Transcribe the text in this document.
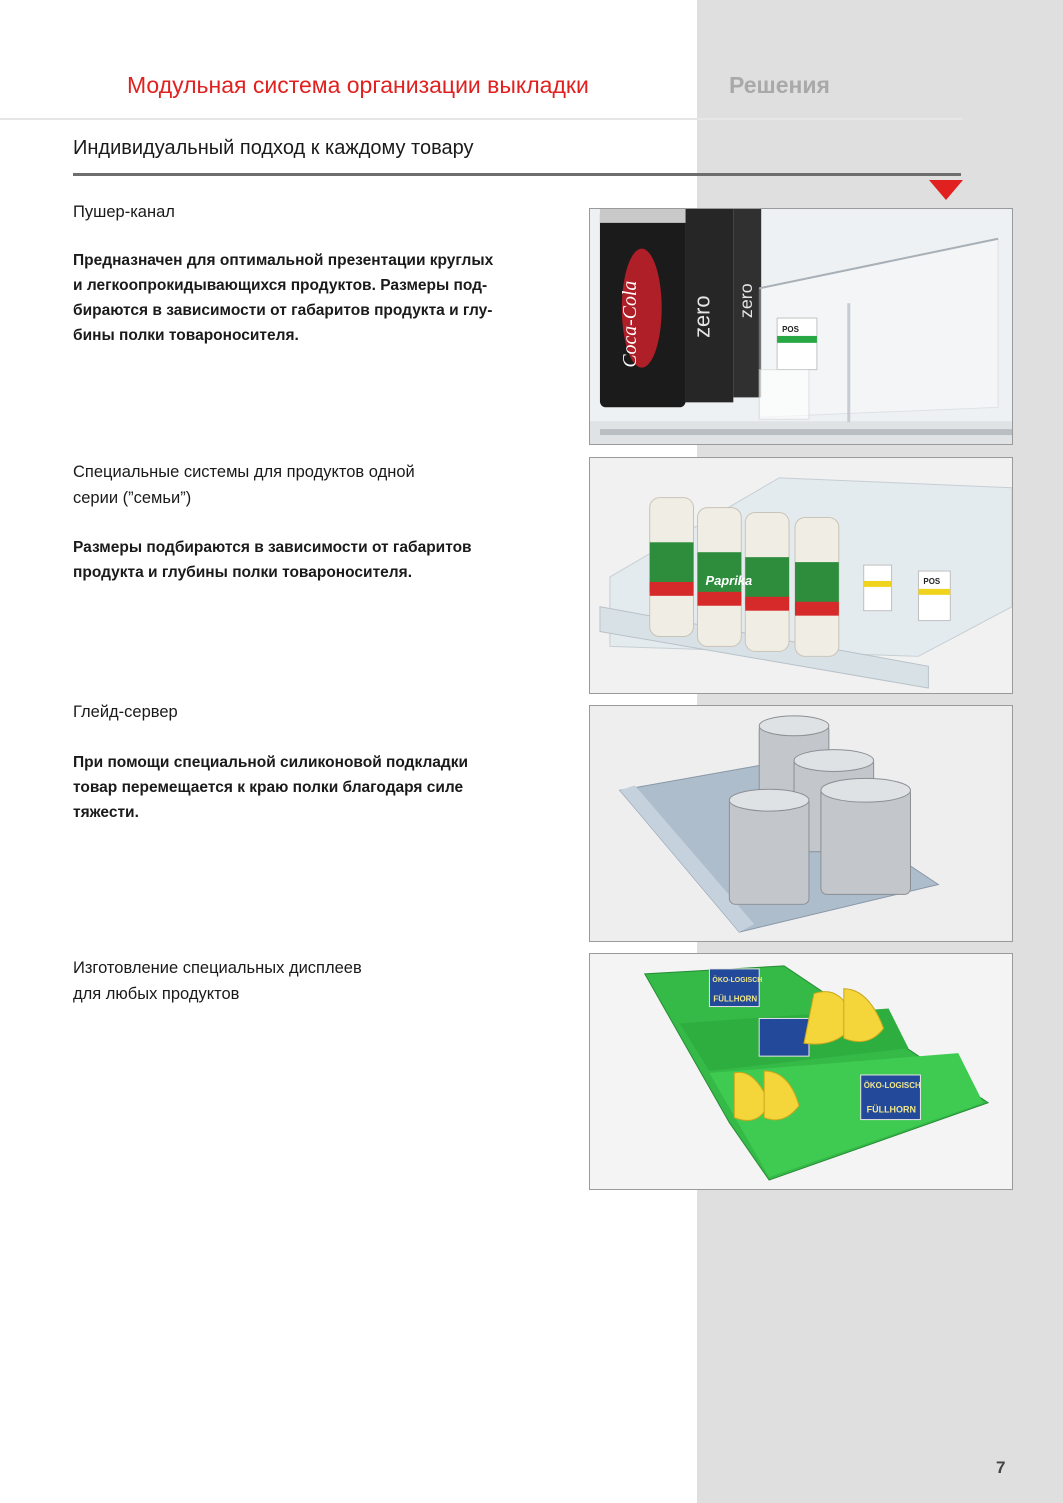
Модульная система организации выкладки	Решения
Индивидуальный подход к каждому товару
Пушер-канал
Предназначен для оптимальной презентации круглых
и легкоопрокидывающихся продуктов. Размеры под-
бираются в зависимости от габаритов продукта и глу-
бины полки товароносителя.
Специальные системы для продуктов одной
серии (”семьи”)
Размеры подбираются в зависимости от габаритов
продукта и глубины полки товароносителя.
Глейд-сервер
При помощи специальной силиконовой подкладки
товар перемещается к краю полки благодаря силе
тяжести.
Изготовление специальных дисплеев
для любых продуктов
Coca-Cola zero zero
POS
Paprika	POS
ÖKO-LOGISCH
FÜLLHORN
ÖKO-LOGISCH
FÜLLHORN
7
